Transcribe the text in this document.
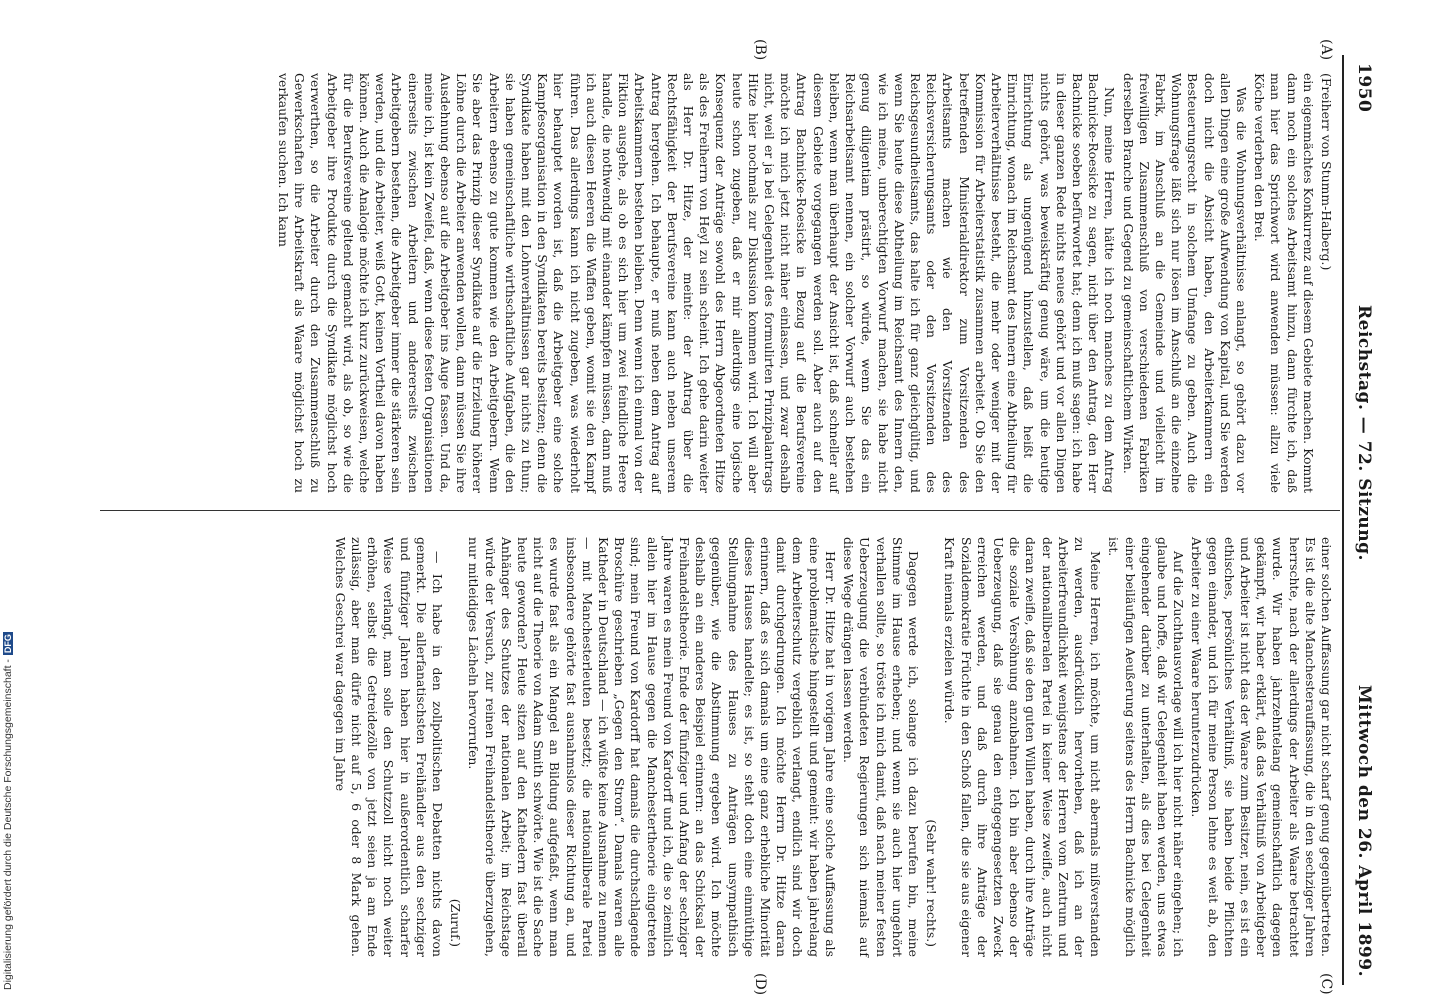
1950
Reichstag. — 72. Sitzung.
Mittwoch den 26. April 1899.
(A)
(B)
(C)
(D)
(Freiherr von Stumm-Halberg.)

ein eigenmächtes Konkurrenz auf diesem Gebiete machen. Kommt dann noch ein solches Arbeitsamt hinzu, dann fürchte ich, daß man hier das Sprichwort wird anwenden müssen: allzu viele Köche verderben den Brei.

Was die Wohnungsverhältnisse anlangt, so gehört dazu vor allen Dingen eine große Aufwendung von Kapital, und Sie werden doch nicht die Absicht haben, den Arbeiterkammern ein Besteuerungsrecht in solchem Umfange zu geben. Auch die Wohnungsfrage läßt sich nur lösen im Anschluß an die einzelne Fabrik, im Anschluß an die Gemeinde und vielleicht im freiwilligen Zusammenschluß von verschiedenen Fabriken derselben Branche und Gegend zu gemeinschaftlichem Wirken.

Nun, meine Herren, hätte ich noch manches zu dem Antrag Bachnicke-Roesicke zu sagen, nicht über den Antrag, den Herr Bachnicke soeben befürwortet hat; denn ich muß sagen: ich habe in dieser ganzen Rede nichts neues gehört und vor allen Dingen nichts gehört, was beweiskräftig genug wäre, um die heutige Einrichtung als ungenügend hinzustellen, daß heißt die Einrichtung, wonach im Reichsamt des Innern eine Abtheilung für Arbeiterverhältnisse besteht, die mehr oder weniger mit der Kommission für Arbeiterstatistik zusammen arbeitet. Ob Sie den betreffenden Ministerialdirektor zum Vorsitzenden des Arbeitsamts machen wie den Vorsitzenden des Reichsversicherungsamts oder den Vorsitzenden des Reichsgesundheitsamts, das halte ich für ganz gleichgültig, und wenn Sie heute diese Abtheilung im Reichsamt des Innern den, wie ich meine, unberechtigten Vorwurf machen, sie habe nicht genug diligentiam prästirt, so würde, wenn Sie das ein Reichsarbeitsamt nennen, ein solcher Vorwurf auch bestehen bleiben, wenn man überhaupt der Ansicht ist, daß schneller auf diesem Gebiete vorgegangen werden soll. Aber auch auf den Antrag Bachnicke-Roesicke in Bezug auf die Berufsvereine möchte ich mich jetzt nicht näher einlassen, und zwar deshalb nicht, weil er ja bei Gelegenheit des formulirten Prinzipalantrags Hitze hier nochmals zur Diskussion kommen wird. Ich will aber heute schon zugeben, daß er mir allerdings eine logische Konsequenz der Anträge sowohl des Herrn Abgeordneten Hitze als des Freiherrn von Heyl zu sein scheint. Ich gehe darin weiter als Herr Dr. Hitze, der meinte: der Antrag über die Rechtsfähigkeit der Berufsvereine kann auch neben unserem Antrag hergehen. Ich behaupte, er muß neben dem Antrag auf Arbeitskammern bestehen bleiben. Denn wenn ich einmal von der Fiktion ausgehe, als ob es sich hier um zwei feindliche Heere handle, die nothwendig mit einander kämpfen müssen, dann muß ich auch diesen Heeren die Waffen geben, womit sie den Kampf führen. Das allerdings kann ich nicht zugeben, was wiederholt hier behauptet worden ist, daß die Arbeitgeber eine solche Kampfesorganisation in den Syndikaten bereits besitzen; denn die Syndikate haben mit den Lohnverhältnissen gar nichts zu thun; sie haben gemeinschaftliche wirthschaftliche Aufgaben, die den Arbeitern ebenso zu gute kommen wie den Arbeitgebern. Wenn Sie aber das Prinzip dieser Syndikate auf die Erzielung höherer Löhne durch die Arbeiter anwenden wollen, dann müssen Sie ihre Ausdehnung ebenso auf die Arbeitgeber ins Auge fassen. Und da, meine ich, ist kein Zweifel, daß, wenn diese festen Organisationen einerseits zwischen Arbeitern und andererseits zwischen Arbeitgebern bestehen, die Arbeitgeber immer die stärkeren sein werden, und die Arbeiter, weiß Gott, keinen Vortheil davon haben können. Auch die Analogie möchte ich kurz zurückweisen, welche für die Berufsvereine geltend gemacht wird, als ob, so wie die Arbeitgeber ihre Produkte durch die Syndikate möglichst hoch verwerthen, so die Arbeiter durch den Zusammenschluß zu Gewerkschaften ihre Arbeitskraft als Waare möglichst hoch zu verkaufen suchen. Ich kann

einer solchen Auffassung gar nicht scharf genug gegenübertreten. Es ist die alte Manchesterauffassung, die in den sechziger Jahren herrschte, nach der allerdings der Arbeiter als Waare betrachtet wurde. Wir haben jahrzehntelang gemeinschaftlich dagegen gekämpft, wir haber erklärt, daß das Verhältniß von Arbeitgeber und Arbeiter ist nicht das der Waare zum Besitzer, nein, es ist ein ethisches, persönliches Verhältniß, sie haben beide Pflichten gegen einander, und ich für meine Person lehne es weit ab, den Arbeiter zu einer Waare herunterzudrücken.

Auf die Zuchthausvorlage will ich hier nicht näher eingehen; ich glaube und hoffe, daß wir Gelegenheit haben werden, uns etwas eingehender darüber zu unterhalten, als dies bei Gelegenheit einer beiläufigen Aeußerung seitens des Herrn Bachnicke möglich ist.

Meine Herren, ich möchte, um nicht abermals mißverstanden zu werden, ausdrücklich hervorheben, daß ich an der Arbeiterfreundlichkeit wenigstens der Herren vom Zentrum und der nationalliberalen Partei in keiner Weise zweifle, auch nicht daran zweifle, daß sie den guten Willen haben, durch ihre Anträge die soziale Versöhnung anzubahnen. Ich bin aber ebenso der Ueberzeugung, daß sie genau den entgegengesetzten Zweck erreichen werden, und daß durch ihre Anträge der Sozialdemokratie Früchte in den Schoß fallen, die sie aus eigener Kraft niemals erzielen würde.

(Sehr wahr! rechts.)

Dagegen werde ich, solange ich dazu berufen bin, meine Stimme im Hause erheben; und wenn sie auch hier ungehört verhallen sollte, so tröste ich mich damit, daß nach meiner festen Ueberzeugung die verbündeten Regierungen sich niemals auf diese Wege drängen lassen werden.

Herr Dr. Hitze hat in vorigem Jahre eine solche Auffassung als eine problematische hingestellt und gemeint: wir haben jahrelang dem Arbeiterschutz vergeblich verlangt, endlich sind wir doch damit durchgedrungen. Ich möchte Herrn Dr. Hitze daran erinnern, daß es sich damals um eine ganz erhebliche Minorität dieses Hauses handelte; es ist, so steht doch eine einmüthige Stellungnahme des Hauses zu Anträgen unsympathisch gegenüber, wie die Abstimmung ergeben wird. Ich möchte deshalb an ein anderes Beispiel erinnern: an das Schicksal der Freihandelstheorie. Ende der fünfziger und Anfang der sechziger Jahre waren es mein Freund von Kardorff und ich, die so ziemlich allein hier im Hause gegen die Manchestertheorie eingetreten sind; mein Freund von Kardorff hat damals die durchschlagende Broschüre geschrieben „Gegen den Strom“. Damals waren alle Katheder in Deutschland — ich wüßte keine Ausnahme zu nennen — mit Manchesterleuten besetzt; die nationalliberale Partei insbesondere gehörte fast ausnahmslos dieser Richtung an, und es wurde fast als ein Mangel an Bildung aufgefaßt, wenn man nicht auf die Theorie von Adam Smith schwörte. Wie ist die Sache heute geworden? Heute sitzen auf den Kathedern fast überall Anhänger des Schutzes der nationalen Arbeit; im Reichstage würde der Versuch, zur reinen Freihandelstheorie überzugehen, nur mitleidiges Lächeln hervorrufen.

(Zuruf.)

— Ich habe in den zollpolitischen Debatten nichts davon gemerkt. Die allerfanatischsten Freihändler aus den sechziger und fünfziger Jahren haben hier in außerordentlich scharfer Weise verlangt, man solle den Schutzzoll nicht noch weiter erhöhen, selbst die Getreidezölle von jetzt seien ja am Ende zulässig, aber man dürfe nicht auf 5, 6 oder 8 Mark gehen. Welches Geschrei war dagegen im Jahre

Digitalisierung gefördert durch die Deutsche Forschungsgemeinschaft -DFG
